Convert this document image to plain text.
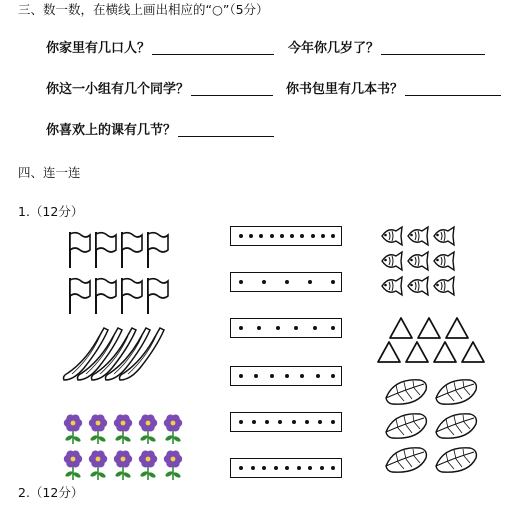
三、数一数，在横线上画出相应的“○”（5分）
你家里有几口人？	今年你几岁了？
你这一小组有几个同学？	你书包里有几本书？
你喜欢上的课有几节？
四、连一连
1.（12分）
2.（12分）
